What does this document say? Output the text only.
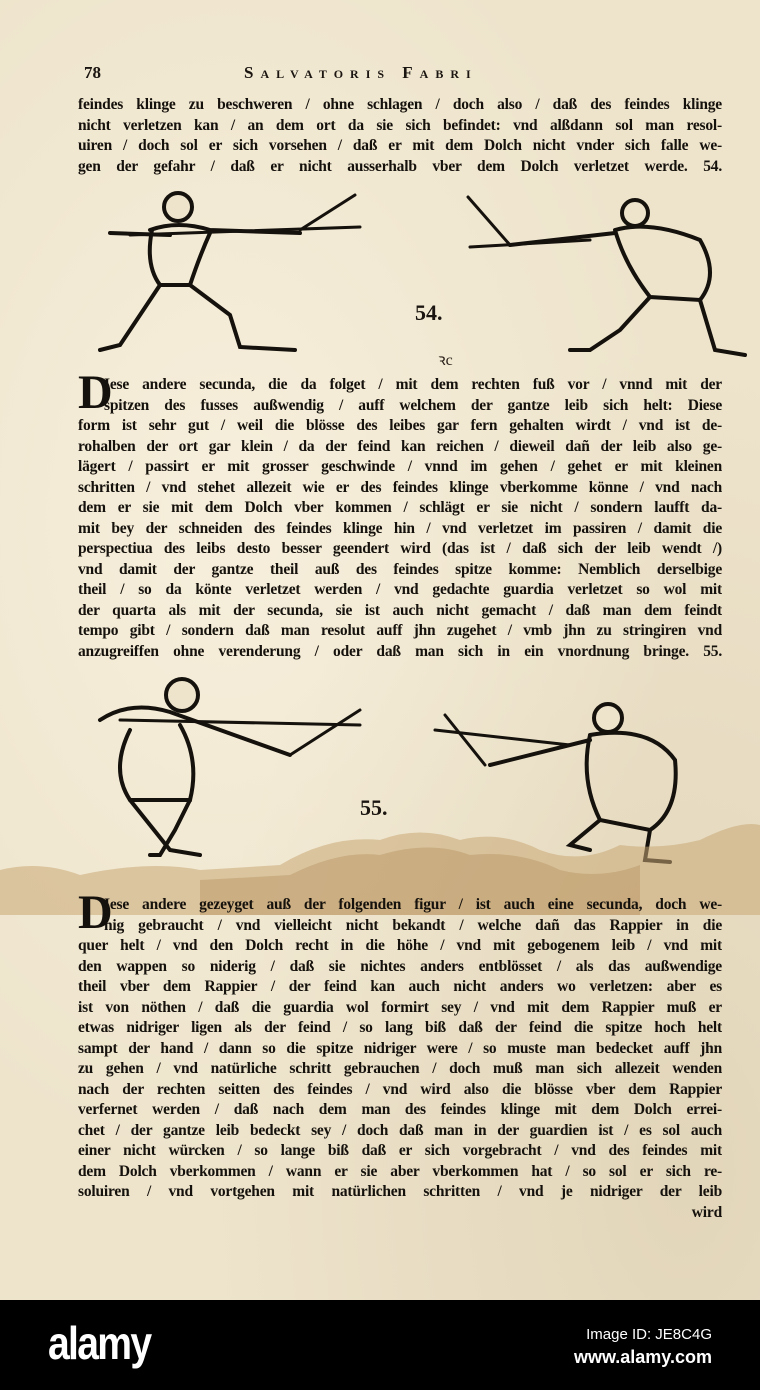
78	Salvatoris Fabri
feindes klinge zu beschweren / ohne schlagen / doch also / daß des feindes klinge
nicht verletzen kan / an dem ort da sie sich befindet: vnd alßdann sol man resol-
uiren / doch sol er sich vorsehen / daß er mit dem Dolch nicht vnder sich falle we-
gen der gefahr / daß er nicht ausserhalb vber dem Dolch verletzet werde. 54.
54.
ꝛc
D
Iese andere secunda, die da folget / mit dem rechten fuß vor / vnnd mit der
spitzen des fusses außwendig / auff welchem der gantze leib sich helt: Diese
form ist sehr gut / weil die blösse des leibes gar fern gehalten wirdt / vnd ist de-
rohalben der ort gar klein / da der feind kan reichen / dieweil dañ der leib also ge-
lägert / passirt er mit grosser geschwinde / vnnd im gehen / gehet er mit kleinen
schritten / vnd stehet allezeit wie er des feindes klinge vberkomme könne / vnd nach
dem er sie mit dem Dolch vber kommen / schlägt er sie nicht / sondern laufft da-
mit bey der schneiden des feindes klinge hin / vnd verletzet im passiren / damit die
perspectiua des leibs desto besser geendert wird (das ist / daß sich der leib wendt /)
vnd damit der gantze theil auß des feindes spitze komme: Nemblich derselbige
theil / so da könte verletzet werden / vnd gedachte guardia verletzet so wol mit
der quarta als mit der secunda, sie ist auch nicht gemacht / daß man dem feindt
tempo gibt / sondern daß man resolut auff jhn zugehet / vmb jhn zu stringiren vnd
anzugreiffen ohne verenderung / oder daß man sich in ein vnordnung bringe. 55.
55.
D
Iese andere gezeyget auß der folgenden figur / ist auch eine secunda, doch we-
nig gebraucht / vnd vielleicht nicht bekandt / welche dañ das Rappier in die
quer helt / vnd den Dolch recht in die höhe / vnd mit gebogenem leib / vnd mit
den wappen so niderig / daß sie nichtes anders entblösset / als das außwendige
theil vber dem Rappier / der feind kan auch nicht anders wo verletzen: aber es
ist von nöthen / daß die guardia wol formirt sey / vnd mit dem Rappier muß er
etwas nidriger ligen als der feind / so lang biß daß der feind die spitze hoch helt
sampt der hand / dann so die spitze nidriger were / so muste man bedecket auff jhn
zu gehen / vnd natürliche schritt gebrauchen / doch muß man sich allezeit wenden
nach der rechten seitten des feindes / vnd wird also die blösse vber dem Rappier
verfernet werden / daß nach dem man des feindes klinge mit dem Dolch errei-
chet / der gantze leib bedeckt sey / doch daß man in der guardien ist / es sol auch
einer nicht würcken / so lange biß daß er sich vorgebracht / vnd des feindes mit
dem Dolch vberkommen / wann er sie aber vberkommen hat / so sol er sich re-
soluiren / vnd vortgehen mit natürlichen schritten / vnd je nidriger der leib
wird
alamy	Image ID: JE8C4G
www.alamy.com
